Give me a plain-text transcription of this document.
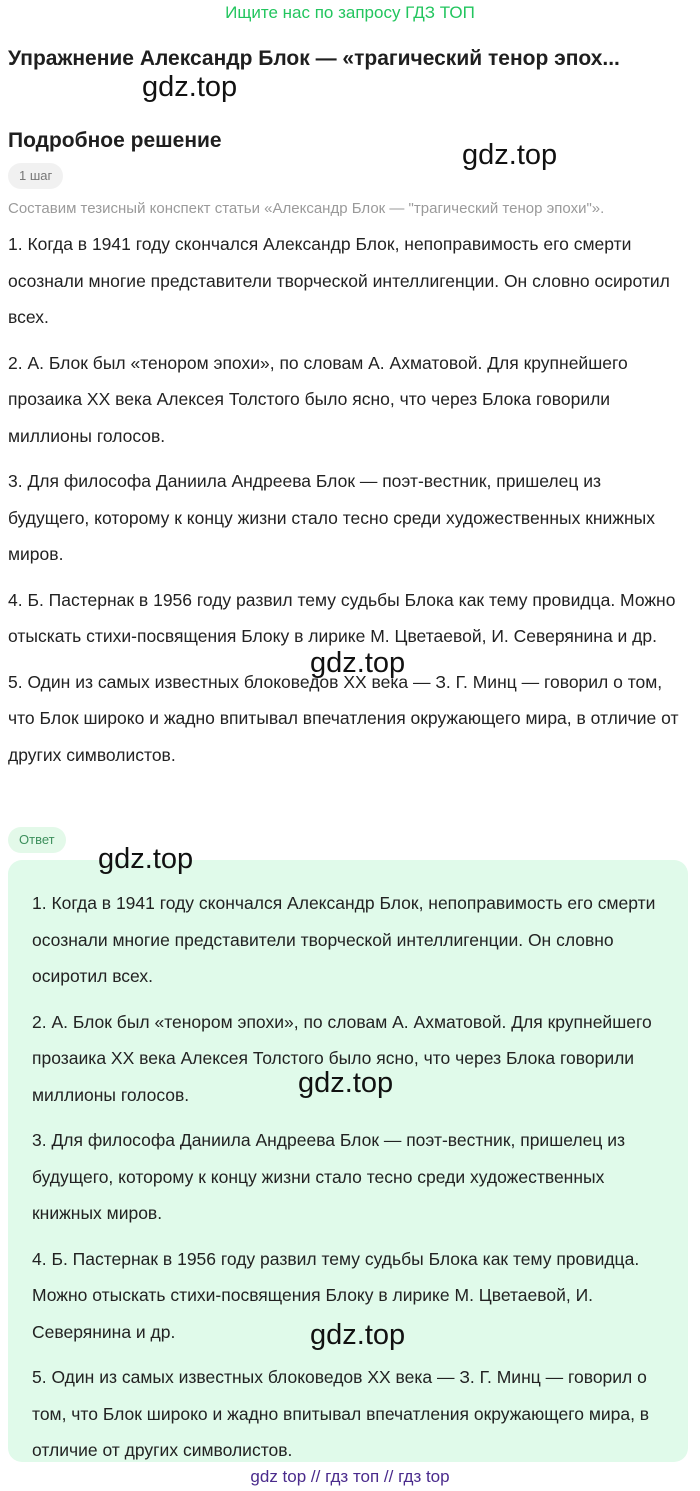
Ищите нас по запросу ГДЗ ТОП
Упражнение Александр Блок — «трагический тенор эпох...
gdz.top
Подробное решение	gdz.top
1 шаг
Составим тезисный конспект статьи «Александр Блок — "трагический тенор эпохи"».

1. Когда в 1941 году скончался Александр Блок, непоправимость его смерти осознали многие представители творческой интеллигенции. Он словно осиротил всех.

2. А. Блок был «тенором эпохи», по словам А. Ахматовой. Для крупнейшего прозаика XX века Алексея Толстого было ясно, что через Блока говорили миллионы голосов.

3. Для философа Даниила Андреева Блок — поэт-вестник, пришелец из будущего, которому к концу жизни стало тесно среди художественных книжных миров.

4. Б. Пастернак в 1956 году развил тему судьбы Блока как тему провидца. Можно отыскать стихи-посвящения Блоку в лирике М. Цветаевой, И. Северянина и др.

5. Один из самых известных блоковедов XX века — З. Г. Минц — говорил о том, что Блок широко и жадно впитывал впечатления окружающего мира, в отличие от других символистов.

gdz.top
Ответ

1. Когда в 1941 году скончался Александр Блок, непоправимость его смерти осознали многие представители творческой интеллигенции. Он словно осиротил всех.

2. А. Блок был «тенором эпохи», по словам А. Ахматовой. Для крупнейшего прозаика XX века Алексея Толстого было ясно, что через Блока говорили миллионы голосов.

3. Для философа Даниила Андреева Блок — поэт-вестник, пришелец из будущего, которому к концу жизни стало тесно среди художественных книжных миров.

4. Б. Пастернак в 1956 году развил тему судьбы Блока как тему провидца. Можно отыскать стихи-посвящения Блоку в лирике М. Цветаевой, И. Северянина и др.

5. Один из самых известных блоковедов XX века — З. Г. Минц — говорил о том, что Блок широко и жадно впитывал впечатления окружающего мира, в отличие от других символистов.

gdz.top
gdz.top
gdz.top
gdz top // гдз топ // гдз top
